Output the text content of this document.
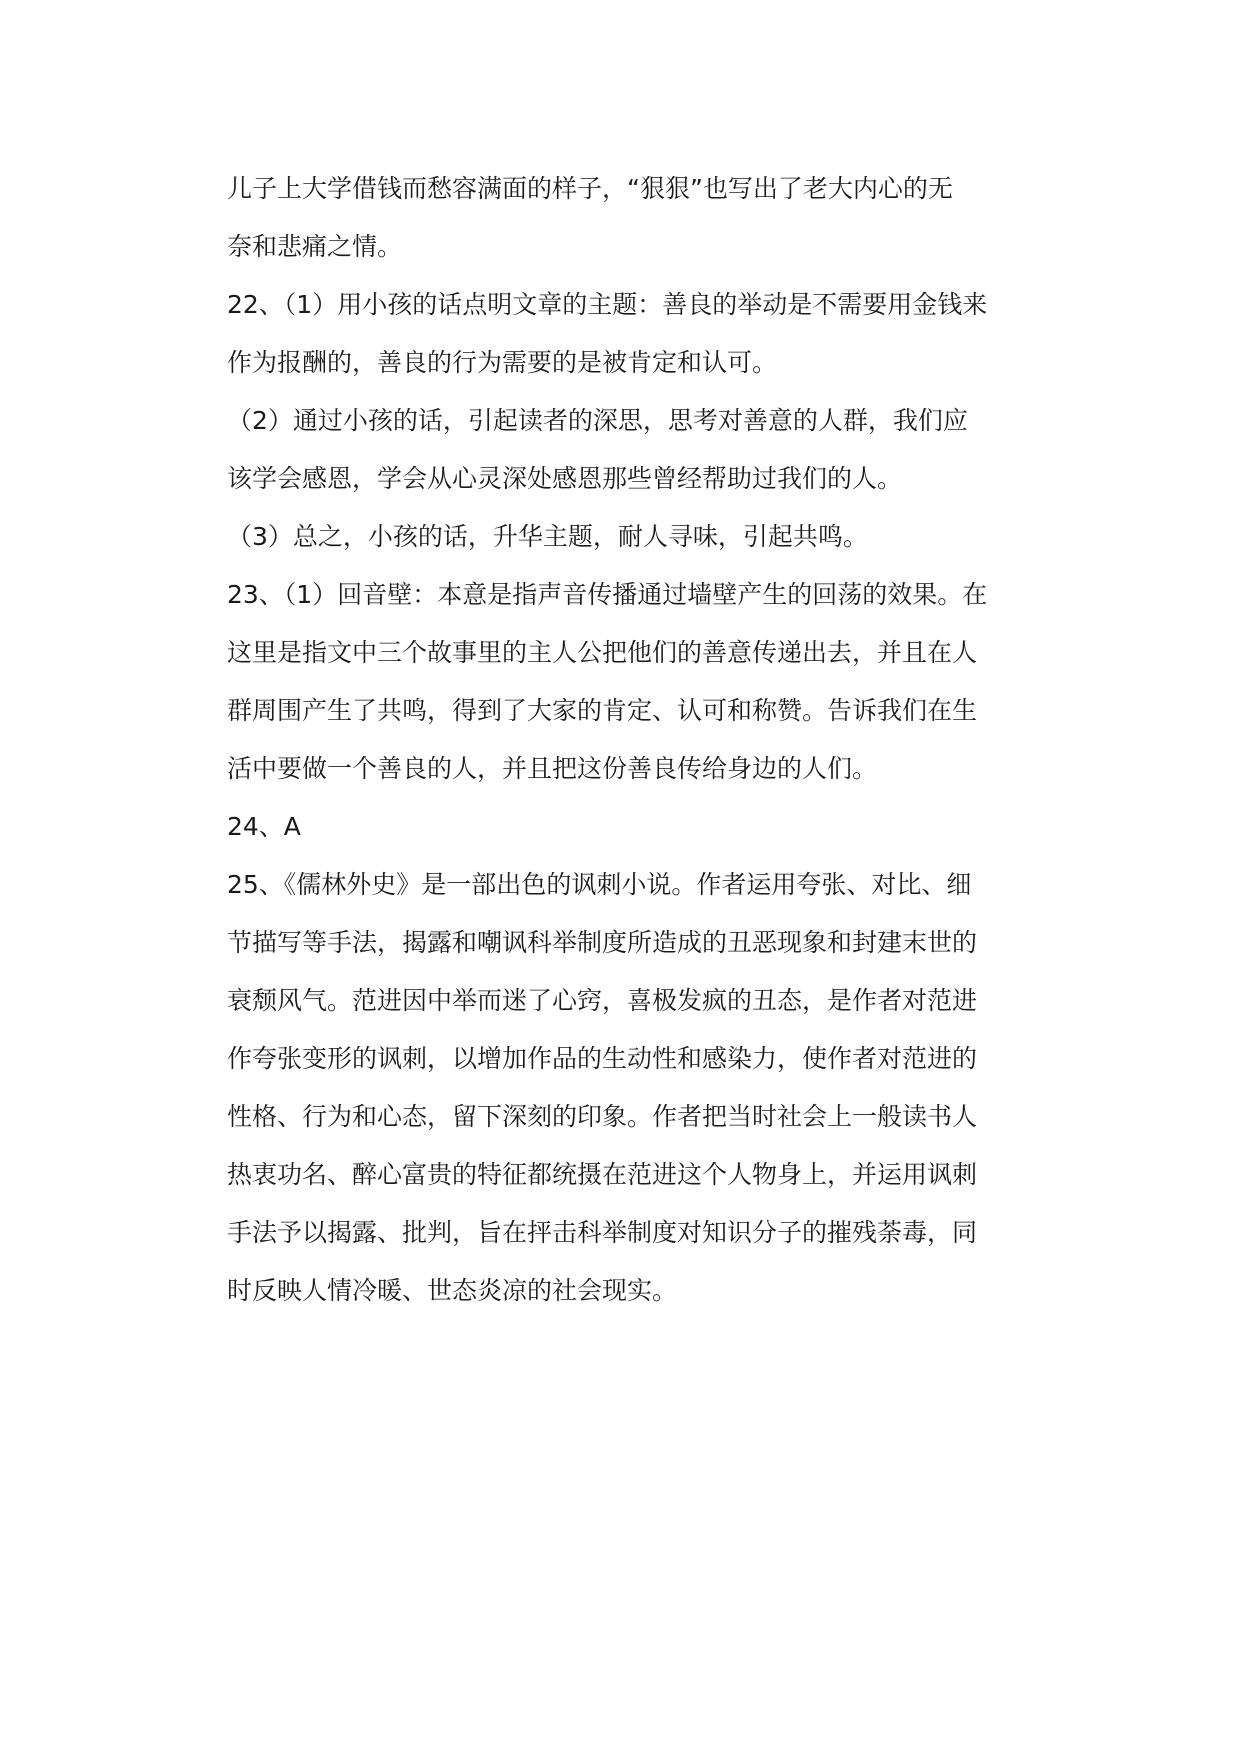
儿子上大学借钱而愁容满面的样子，“狠狠”也写出了老大内心的无
奈和悲痛之情。
22、（1）用小孩的话点明文章的主题：善良的举动是不需要用金钱来
作为报酬的，善良的行为需要的是被肯定和认可。
（2）通过小孩的话，引起读者的深思，思考对善意的人群，我们应
该学会感恩，学会从心灵深处感恩那些曾经帮助过我们的人。
（3）总之，小孩的话，升华主题，耐人寻味，引起共鸣。
23、（1）回音壁：本意是指声音传播通过墙壁产生的回荡的效果。在
这里是指文中三个故事里的主人公把他们的善意传递出去，并且在人
群周围产生了共鸣，得到了大家的肯定、认可和称赞。告诉我们在生
活中要做一个善良的人，并且把这份善良传给身边的人们。
24、A
25、《儒林外史》是一部出色的讽刺小说。作者运用夸张、对比、细
节描写等手法，揭露和嘲讽科举制度所造成的丑恶现象和封建末世的
衰颓风气。范进因中举而迷了心窍，喜极发疯的丑态，是作者对范进
作夸张变形的讽刺，以增加作品的生动性和感染力，使作者对范进的
性格、行为和心态，留下深刻的印象。作者把当时社会上一般读书人
热衷功名、醉心富贵的特征都统摄在范进这个人物身上，并运用讽刺
手法予以揭露、批判，旨在抨击科举制度对知识分子的摧残荼毒，同
时反映人情冷暖、世态炎凉的社会现实。
